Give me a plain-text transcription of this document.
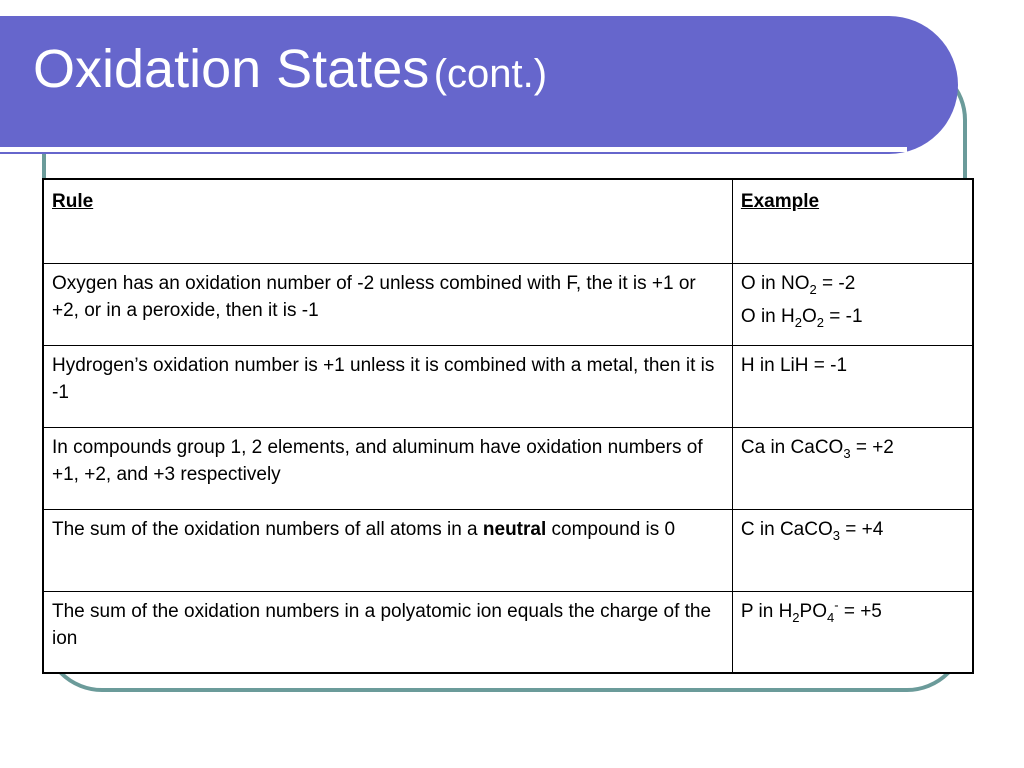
Oxidation States (cont.)
Rule	Example
Oxygen has an oxidation number of -2 unless combined with F, the it is +1 or +2, or in a peroxide, then it is -1	O in $NO_2 = -2$
O in $H_2O_2 = -1$

Hydrogen’s oxidation number is +1 unless it is combined with a metal, then it is -1	H in LiH = -1

In compounds group 1, 2 elements, and aluminum have oxidation numbers of +1, +2, and +3 respectively	Ca in CaCO$_3$ = +2

The sum of the oxidation numbers of all atoms in a neutral compound is 0	C in CaCO$_3$ = +4

The sum of the oxidation numbers in a polyatomic ion equals the charge of the ion	P in $H_2PO_4^- = +5$
